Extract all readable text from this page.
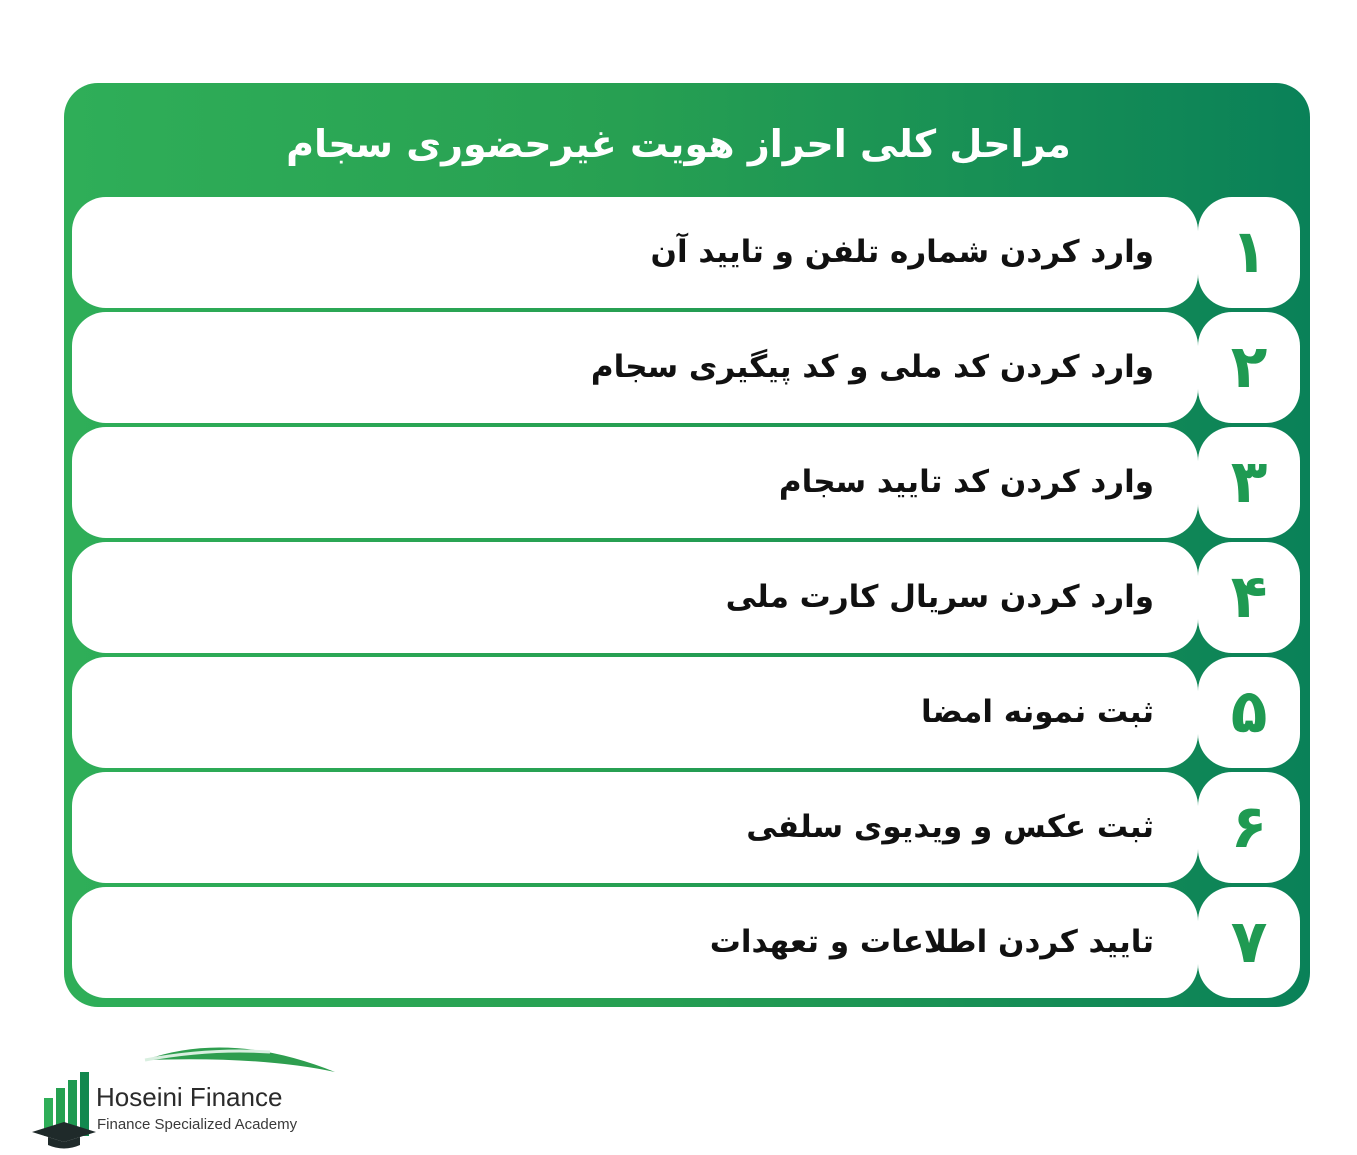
مراحل کلی احراز هویت غیرحضوری سجام
وارد کردن شماره تلفن و تایید آن	۱
وارد کردن کد ملی و کد پیگیری سجام	۲
وارد کردن کد تایید سجام	۳
وارد کردن سریال کارت ملی	۴
ثبت نمونه امضا	۵
ثبت عکس و ویدیوی سلفی	۶
تایید کردن اطلاعات و تعهدات	۷
Hoseini Finance
Finance Specialized Academy
